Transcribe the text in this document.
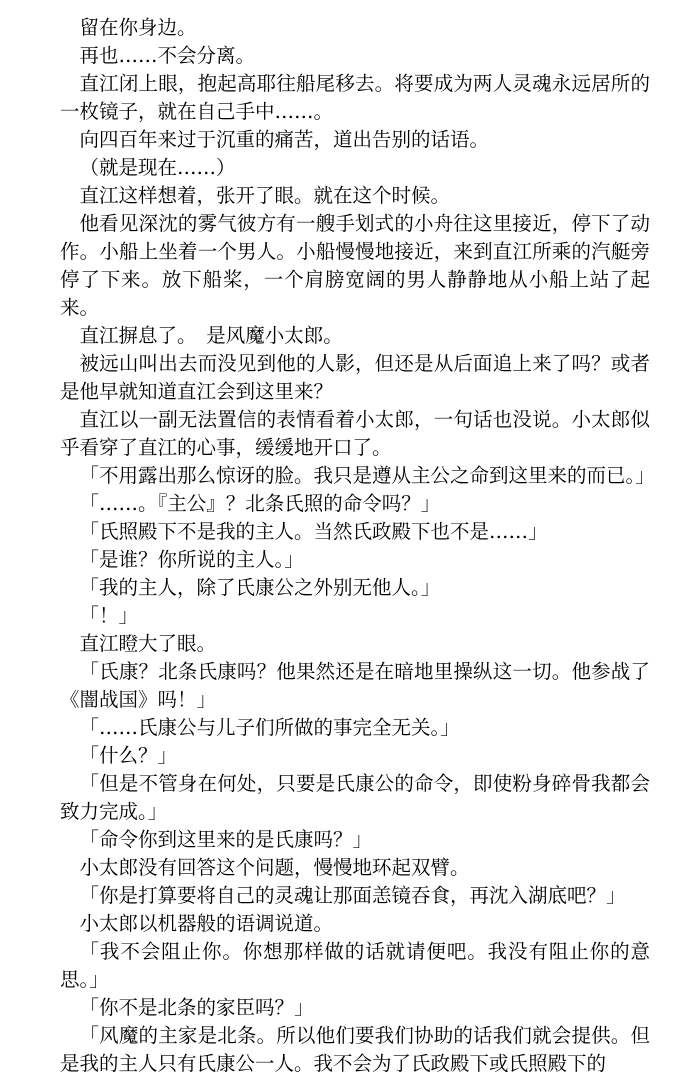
留在你身边。

再也……不会分离。

直江闭上眼，抱起高耶往船尾移去。将要成为两人灵魂永远居所的一枚镜子，就在自己手中……。

向四百年来过于沉重的痛苦，道出告别的话语。

（就是现在……）

直江这样想着，张开了眼。就在这个时候。

他看见深沈的雾气彼方有一艘手划式的小舟往这里接近，停下了动作。小船上坐着一个男人。小船慢慢地接近，来到直江所乘的汽艇旁停了下来。放下船桨，一个肩膀宽阔的男人静静地从小船上站了起来。

直江摒息了。　是风魔小太郎。

被远山叫出去而没见到他的人影，但还是从后面追上来了吗？或者是他早就知道直江会到这里来？

直江以一副无法置信的表情看着小太郎，一句话也没说。小太郎似乎看穿了直江的心事，缓缓地开口了。

「不用露出那么惊讶的脸。我只是遵从主公之命到这里来的而已。」

「……。『主公』？北条氏照的命令吗？」

「氏照殿下不是我的主人。当然氏政殿下也不是……」

「是谁？你所说的主人。」

「我的主人，除了氏康公之外别无他人。」

「！」

直江瞪大了眼。

「氏康？北条氏康吗？他果然还是在暗地里操纵这一切。他参战了《闇战国》吗！」

「……氏康公与儿子们所做的事完全无关。」

「什么？」

「但是不管身在何处，只要是氏康公的命令，即使粉身碎骨我都会致力完成。」

「命令你到这里来的是氏康吗？」

小太郎没有回答这个问题，慢慢地环起双臂。

「你是打算要将自己的灵魂让那面恙镜吞食，再沈入湖底吧？」

小太郎以机器般的语调说道。

「我不会阻止你。你想那样做的话就请便吧。我没有阻止你的意思。」

「你不是北条的家臣吗？」

「风魔的主家是北条。所以他们要我们协助的话我们就会提供。但是我的主人只有氏康公一人。我不会为了氏政殿下或氏照殿下的
